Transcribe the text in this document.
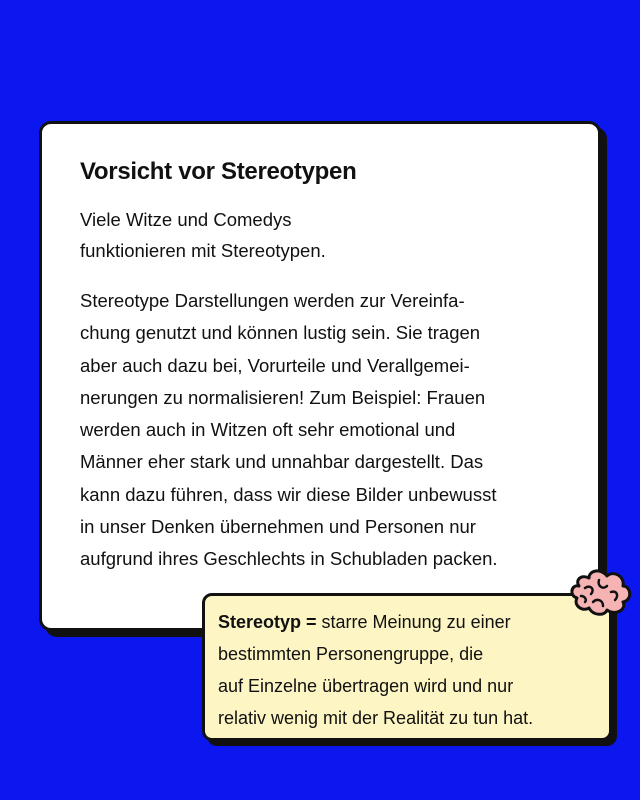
Vorsicht vor Stereotypen
Viele Witze und Comedys
funktionieren mit Stereotypen.
Stereotype Darstellungen werden zur Vereinfa-
chung genutzt und können lustig sein. Sie tragen
aber auch dazu bei, Vorurteile und Verallgemei-
nerungen zu normalisieren! Zum Beispiel: Frauen
werden auch in Witzen oft sehr emotional und
Männer eher stark und unnahbar dargestellt. Das
kann dazu führen, dass wir diese Bilder unbewusst
in unser Denken übernehmen und Personen nur
aufgrund ihres Geschlechts in Schubladen packen.
Stereotyp = starre Meinung zu einer
bestimmten Personengruppe, die
auf Einzelne übertragen wird und nur
relativ wenig mit der Realität zu tun hat.
